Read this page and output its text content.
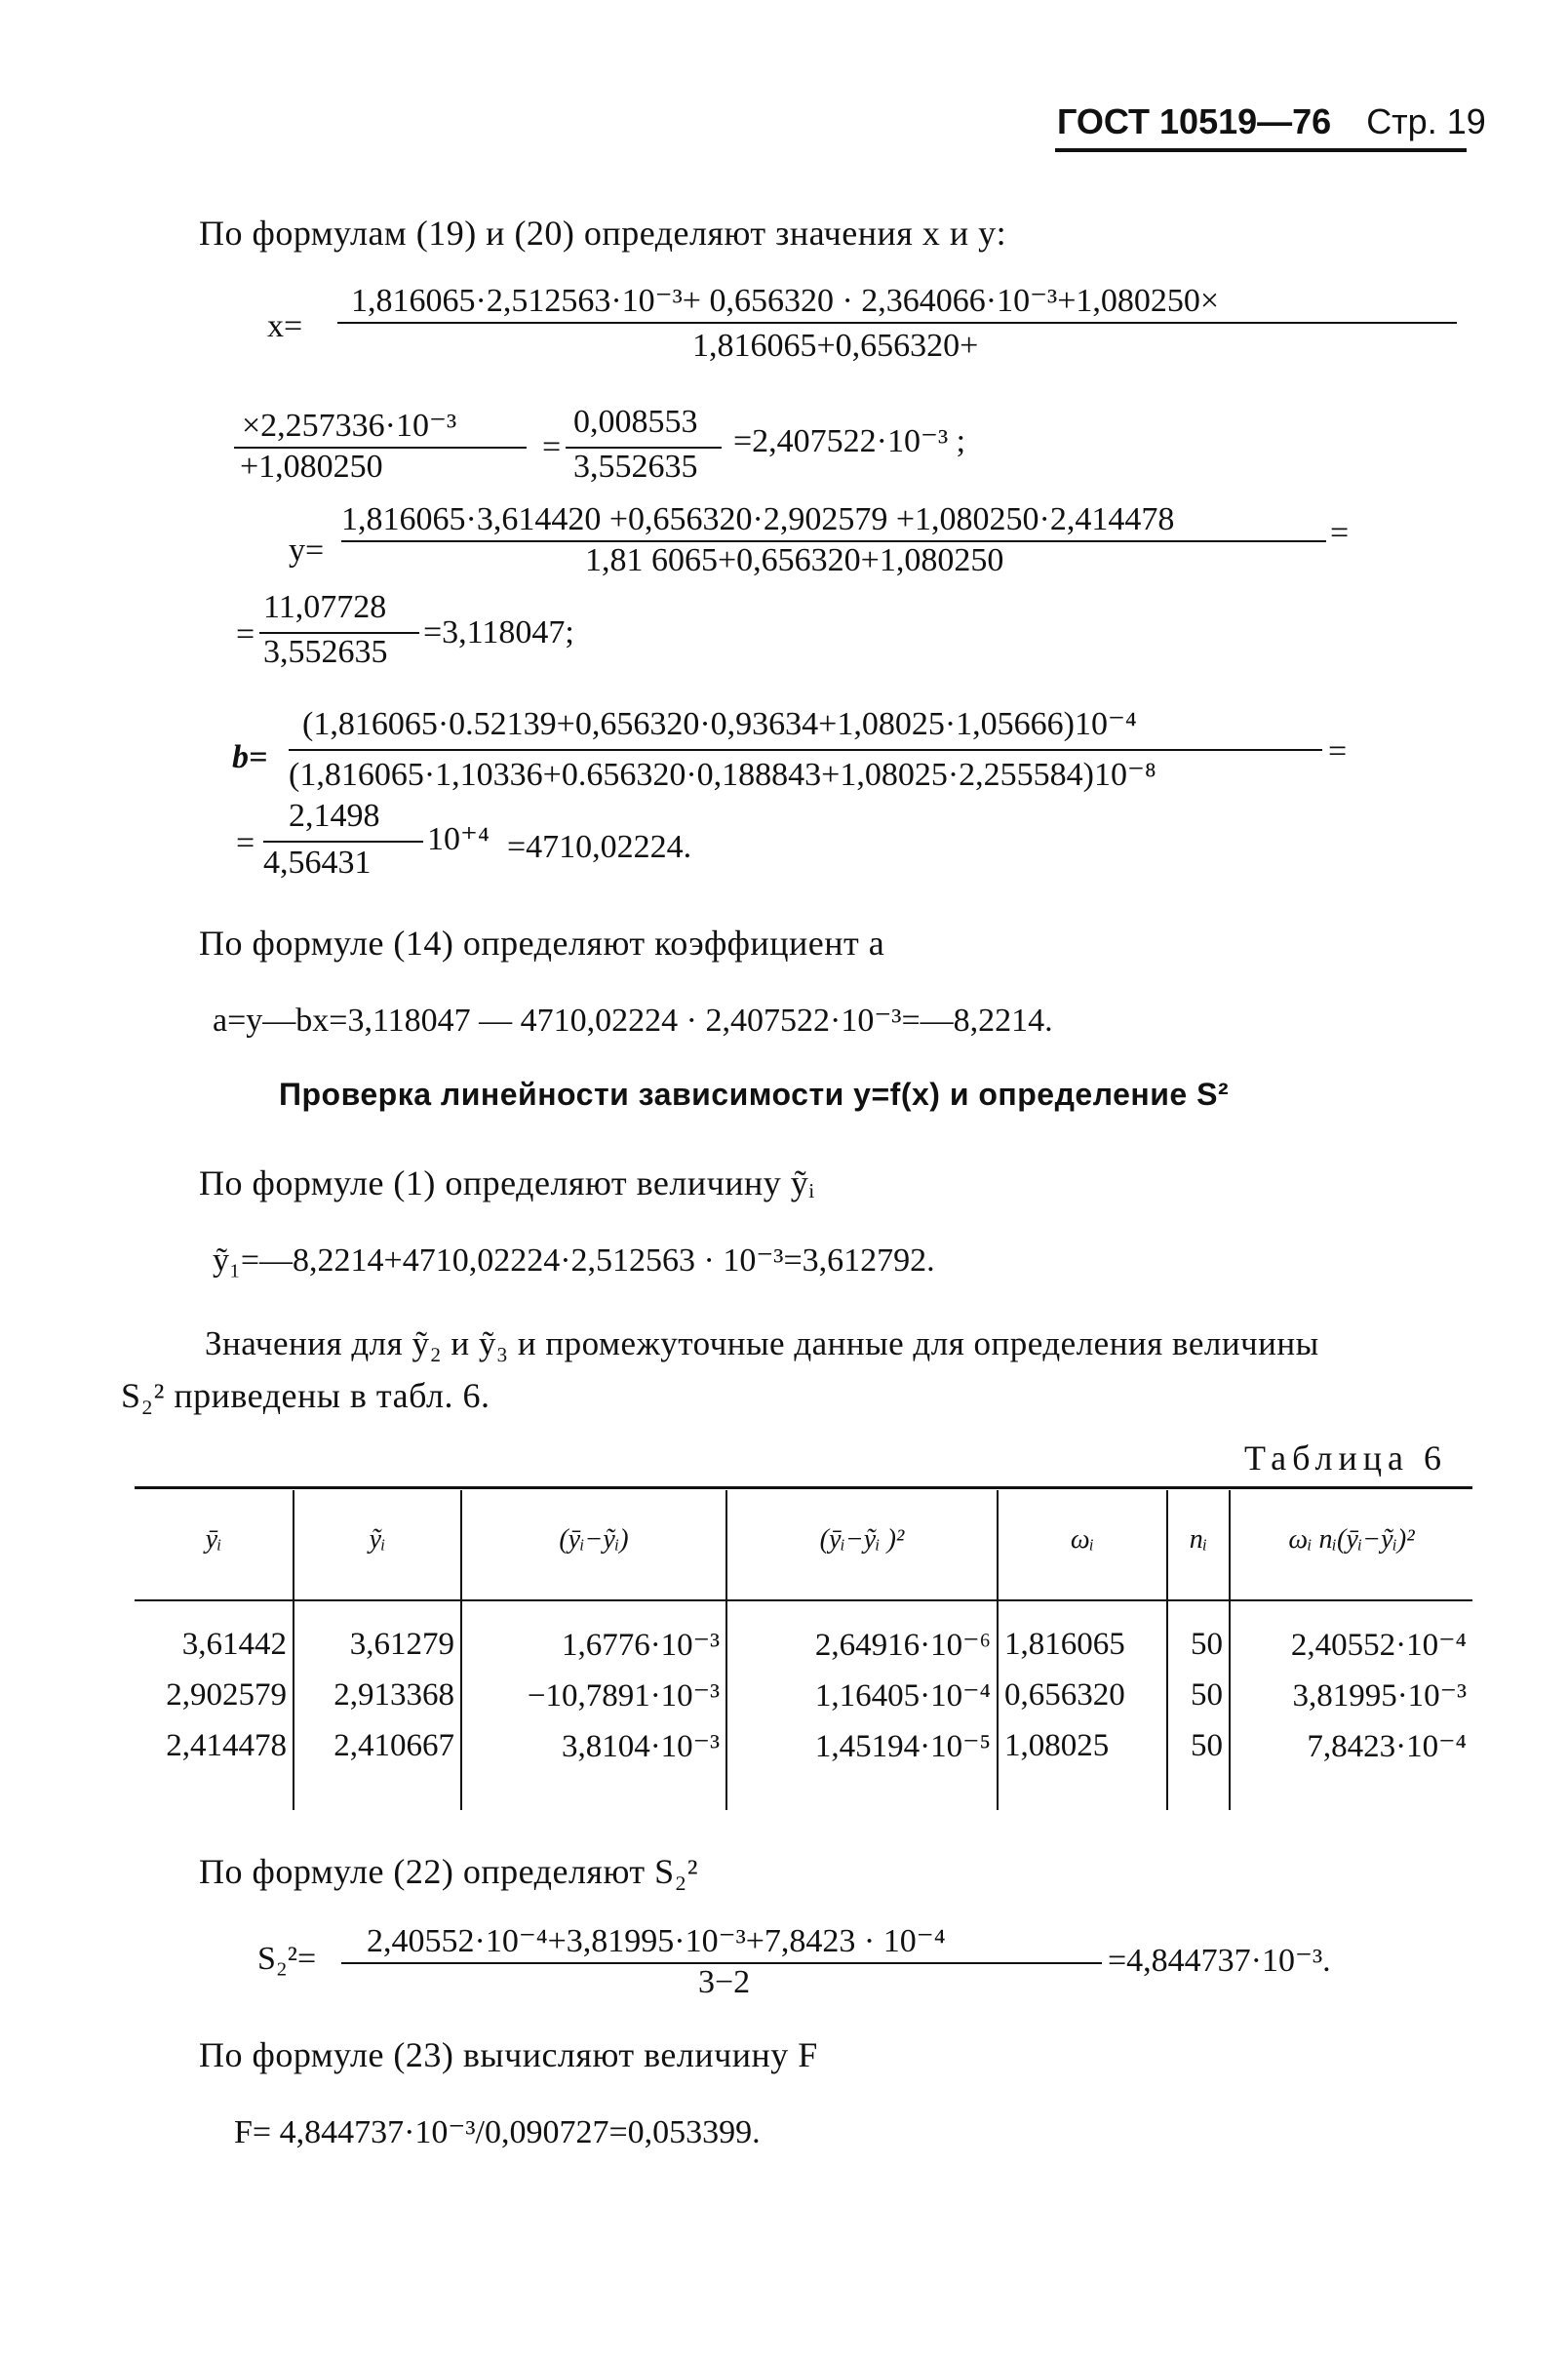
ГОСТ 10519—76 Стр. 19
По формулам (19) и (20) определяют значения x и y:
x=
1,816065·2,512563·10⁻³+ 0,656320 · 2,364066·10⁻³+1,080250×
1,816065+0,656320+
×2,257336·10⁻³
+1,080250
=
0,008553
3,552635
=2,407522·10⁻³ ;
y=
1,816065·3,614420 +0,656320·2,902579 +1,080250·2,414478
1,81 6065+0,656320+1,080250
=
=
11,07728
3,552635
=3,118047;
b=
(1,816065·0.52139+0,656320·0,93634+1,08025·1,05666)10⁻⁴
(1,816065·1,10336+0.656320·0,188843+1,08025·2,255584)10⁻⁸
=
=
2,1498
4,56431
10⁺⁴ =4710,02224.
По формуле (14) определяют коэффициент a
a=y—bx=3,118047 — 4710,02224 · 2,407522·10⁻³=—8,2214.
Проверка линейности зависимости y=f(x) и определение S²
По формуле (1) определяют величину ỹᵢ
ỹ₁=—8,2214+4710,02224·2,512563 · 10⁻³=3,612792.
Значения для ỹ₂ и ỹ₃ и промежуточные данные для определения величины
S₂² приведены в табл. 6.
Таблица 6
ȳᵢ	ỹᵢ	(ȳᵢ−ỹᵢ)	(ȳᵢ−ỹᵢ )²	ωᵢ	nᵢ	ωᵢ nᵢ(ȳᵢ−ỹᵢ)²
3,61442	3,61279	1,6776·10⁻³	2,64916·10⁻⁶	1,816065	50	2,40552·10⁻⁴
2,902579	2,913368	−10,7891·10⁻³	1,16405·10⁻⁴	0,656320	50	3,81995·10⁻³
2,414478	2,410667	3,8104·10⁻³	1,45194·10⁻⁵	1,08025	50	7,8423·10⁻⁴
По формуле (22) определяют S₂²
S₂²= 2,40552·10⁻⁴+3,81995·10⁻³+7,8423 · 10⁻⁴
3−2
=4,844737·10⁻³.
По формуле (23) вычисляют величину F
F= 4,844737·10⁻³/0,090727=0,053399.
